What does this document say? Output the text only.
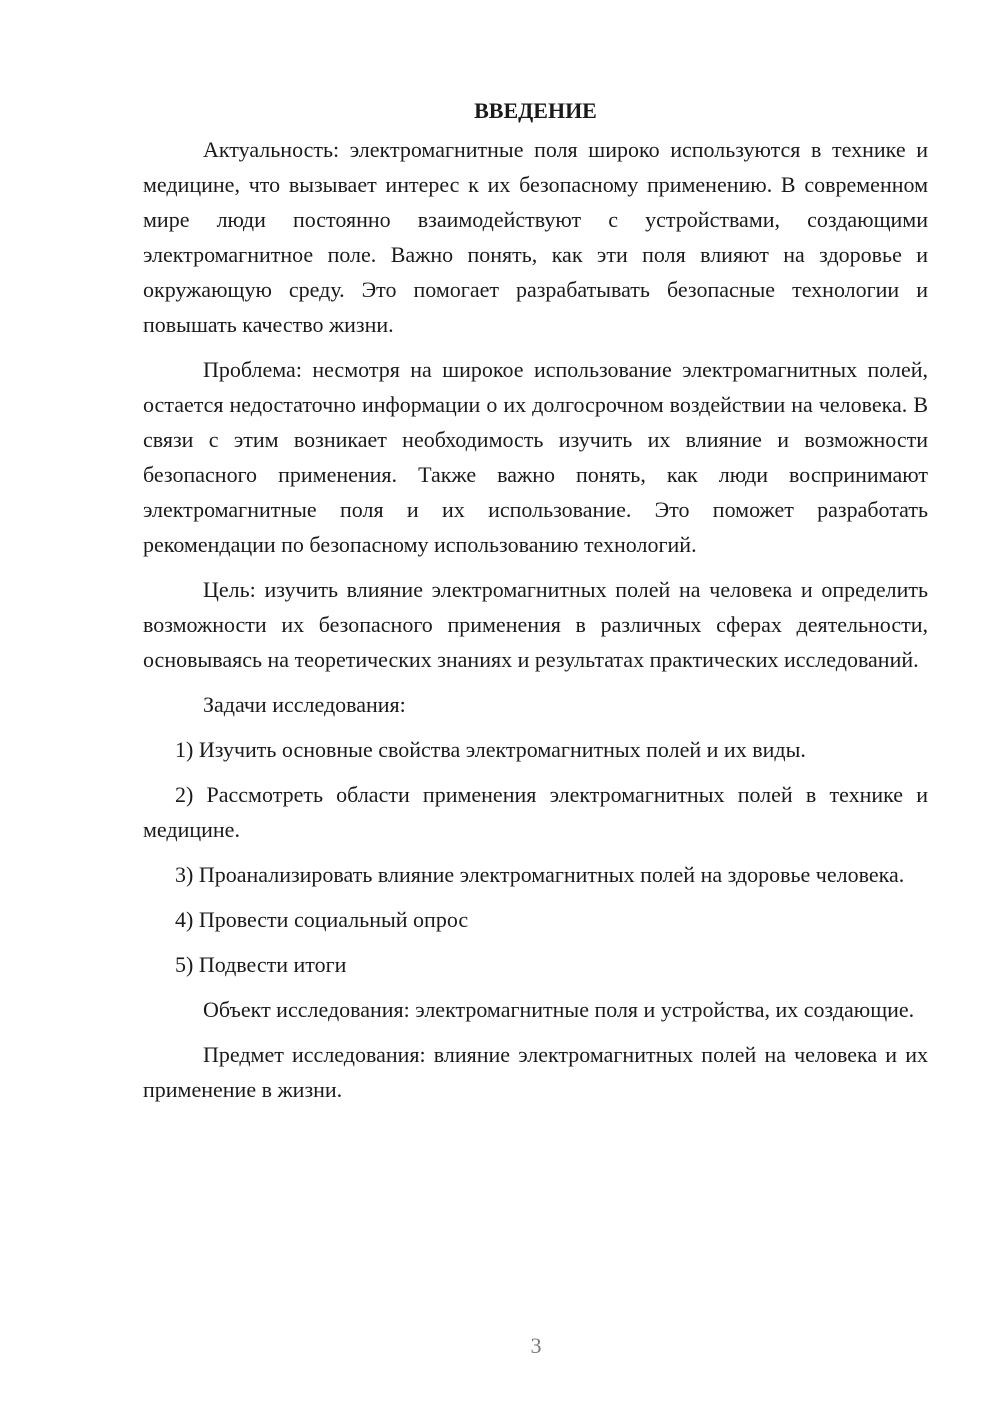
ВВЕДЕНИЕ

Актуальность: электромагнитные поля широко используются в технике и медицине, что вызывает интерес к их безопасному применению. В современном мире люди постоянно взаимодействуют с устройствами, создающими электромагнитное поле. Важно понять, как эти поля влияют на здоровье и окружающую среду. Это помогает разрабатывать безопасные технологии и повышать качество жизни.

Проблема: несмотря на широкое использование электромагнитных полей, остается недостаточно информации о их долгосрочном воздействии на человека. В связи с этим возникает необходимость изучить их влияние и возможности безопасного применения. Также важно понять, как люди воспринимают электромагнитные поля и их использование. Это поможет разработать рекомендации по безопасному использованию технологий.

Цель: изучить влияние электромагнитных полей на человека и определить возможности их безопасного применения в различных сферах деятельности, основываясь на теоретических знаниях и результатах практических исследований.

Задачи исследования:

1) Изучить основные свойства электромагнитных полей и их виды.

2) Рассмотреть области применения электромагнитных полей в технике и медицине.

3) Проанализировать влияние электромагнитных полей на здоровье человека.

4) Провести социальный опрос

5) Подвести итоги

Объект исследования: электромагнитные поля и устройства, их создающие.

Предмет исследования: влияние электромагнитных полей на человека и их применение в жизни.

3
